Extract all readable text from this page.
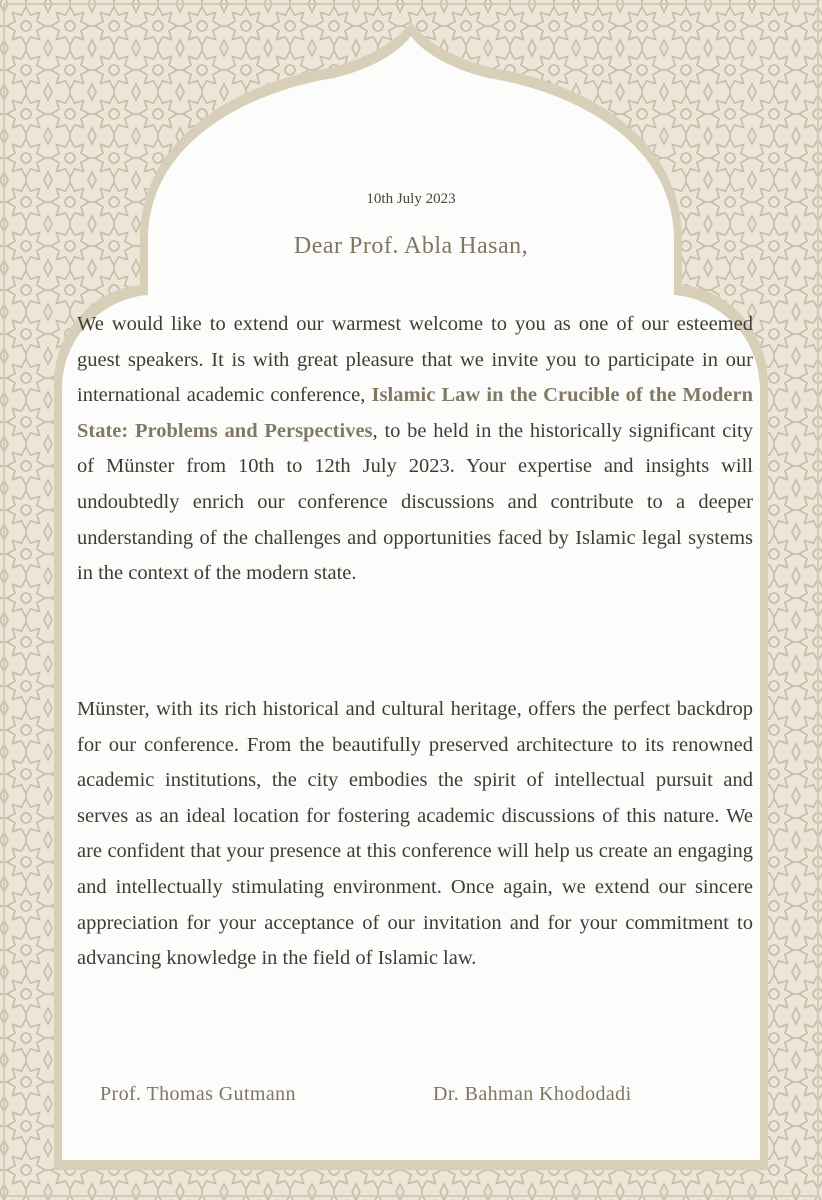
10th July 2023
Dear Prof. Abla Hasan,
We would like to extend our warmest welcome to you as one of our esteemed guest speakers. It is with great pleasure that we invite you to participate in our international academic conference, Islamic Law in the Crucible of the Modern State: Problems and Perspectives, to be held in the historically significant city of Münster from 10th to 12th July 2023. Your expertise and insights will undoubtedly enrich our conference discussions and contribute to a deeper understanding of the challenges and opportunities faced by Islamic legal systems in the context of the modern state.
Münster, with its rich historical and cultural heritage, offers the perfect backdrop for our conference. From the beautifully preserved architecture to its renowned academic institutions, the city embodies the spirit of intellectual pursuit and serves as an ideal location for fostering academic discussions of this nature. We are confident that your presence at this conference will help us create an engaging and intellectually stimulating environment. Once again, we extend our sincere appreciation for your acceptance of our invitation and for your commitment to advancing knowledge in the field of Islamic law.
Prof. Thomas Gutmann	Dr. Bahman Khododadi
